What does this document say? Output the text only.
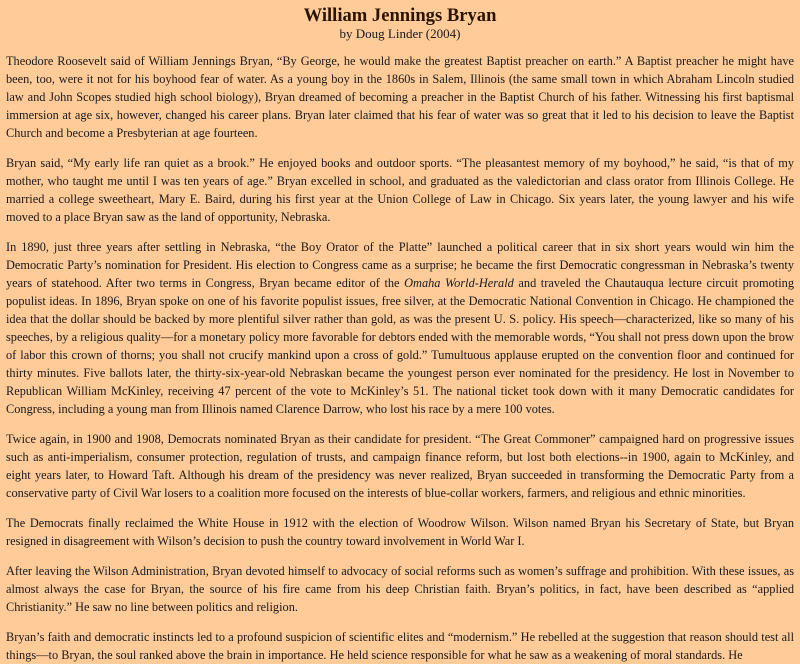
William Jennings Bryan

by Doug Linder (2004)

Theodore Roosevelt said of William Jennings Bryan, “By George, he would make the greatest Baptist preacher on earth.” A Baptist preacher he might have been, too, were it not for his boyhood fear of water. As a young boy in the 1860s in Salem, Illinois (the same small town in which Abraham Lincoln studied law and John Scopes studied high school biology), Bryan dreamed of becoming a preacher in the Baptist Church of his father. Witnessing his first baptismal immersion at age six, however, changed his career plans. Bryan later claimed that his fear of water was so great that it led to his decision to leave the Baptist Church and become a Presbyterian at age fourteen.

Bryan said, “My early life ran quiet as a brook.” He enjoyed books and outdoor sports. “The pleasantest memory of my boyhood,” he said, “is that of my mother, who taught me until I was ten years of age.” Bryan excelled in school, and graduated as the valedictorian and class orator from Illinois College. He married a college sweetheart, Mary E. Baird, during his first year at the Union College of Law in Chicago. Six years later, the young lawyer and his wife moved to a place Bryan saw as the land of opportunity, Nebraska.

In 1890, just three years after settling in Nebraska, “the Boy Orator of the Platte” launched a political career that in six short years would win him the Democratic Party’s nomination for President. His election to Congress came as a surprise; he became the first Democratic congressman in Nebraska’s twenty years of statehood. After two terms in Congress, Bryan became editor of the Omaha World-Herald and traveled the Chautauqua lecture circuit promoting populist ideas. In 1896, Bryan spoke on one of his favorite populist issues, free silver, at the Democratic National Convention in Chicago. He championed the idea that the dollar should be backed by more plentiful silver rather than gold, as was the present U. S. policy. His speech—characterized, like so many of his speeches, by a religious quality—for a monetary policy more favorable for debtors ended with the memorable words, “You shall not press down upon the brow of labor this crown of thorns; you shall not crucify mankind upon a cross of gold.” Tumultuous applause erupted on the convention floor and continued for thirty minutes. Five ballots later, the thirty-six-year-old Nebraskan became the youngest person ever nominated for the presidency. He lost in November to Republican William McKinley, receiving 47 percent of the vote to McKinley’s 51. The national ticket took down with it many Democratic candidates for Congress, including a young man from Illinois named Clarence Darrow, who lost his race by a mere 100 votes.

Twice again, in 1900 and 1908, Democrats nominated Bryan as their candidate for president. “The Great Commoner” campaigned hard on progressive issues such as anti-imperialism, consumer protection, regulation of trusts, and campaign finance reform, but lost both elections--in 1900, again to McKinley, and eight years later, to Howard Taft. Although his dream of the presidency was never realized, Bryan succeeded in transforming the Democratic Party from a conservative party of Civil War losers to a coalition more focused on the interests of blue-collar workers, farmers, and religious and ethnic minorities.

The Democrats finally reclaimed the White House in 1912 with the election of Woodrow Wilson. Wilson named Bryan his Secretary of State, but Bryan resigned in disagreement with Wilson’s decision to push the country toward involvement in World War I.

After leaving the Wilson Administration, Bryan devoted himself to advocacy of social reforms such as women’s suffrage and prohibition. With these issues, as almost always the case for Bryan, the source of his fire came from his deep Christian faith. Bryan’s politics, in fact, have been described as “applied Christianity.” He saw no line between politics and religion.

Bryan’s faith and democratic instincts led to a profound suspicion of scientific elites and “modernism.” He rebelled at the suggestion that reason should test all things—to Bryan, the soul ranked above the brain in importance. He held science responsible for what he saw as a weakening of moral standards. He
